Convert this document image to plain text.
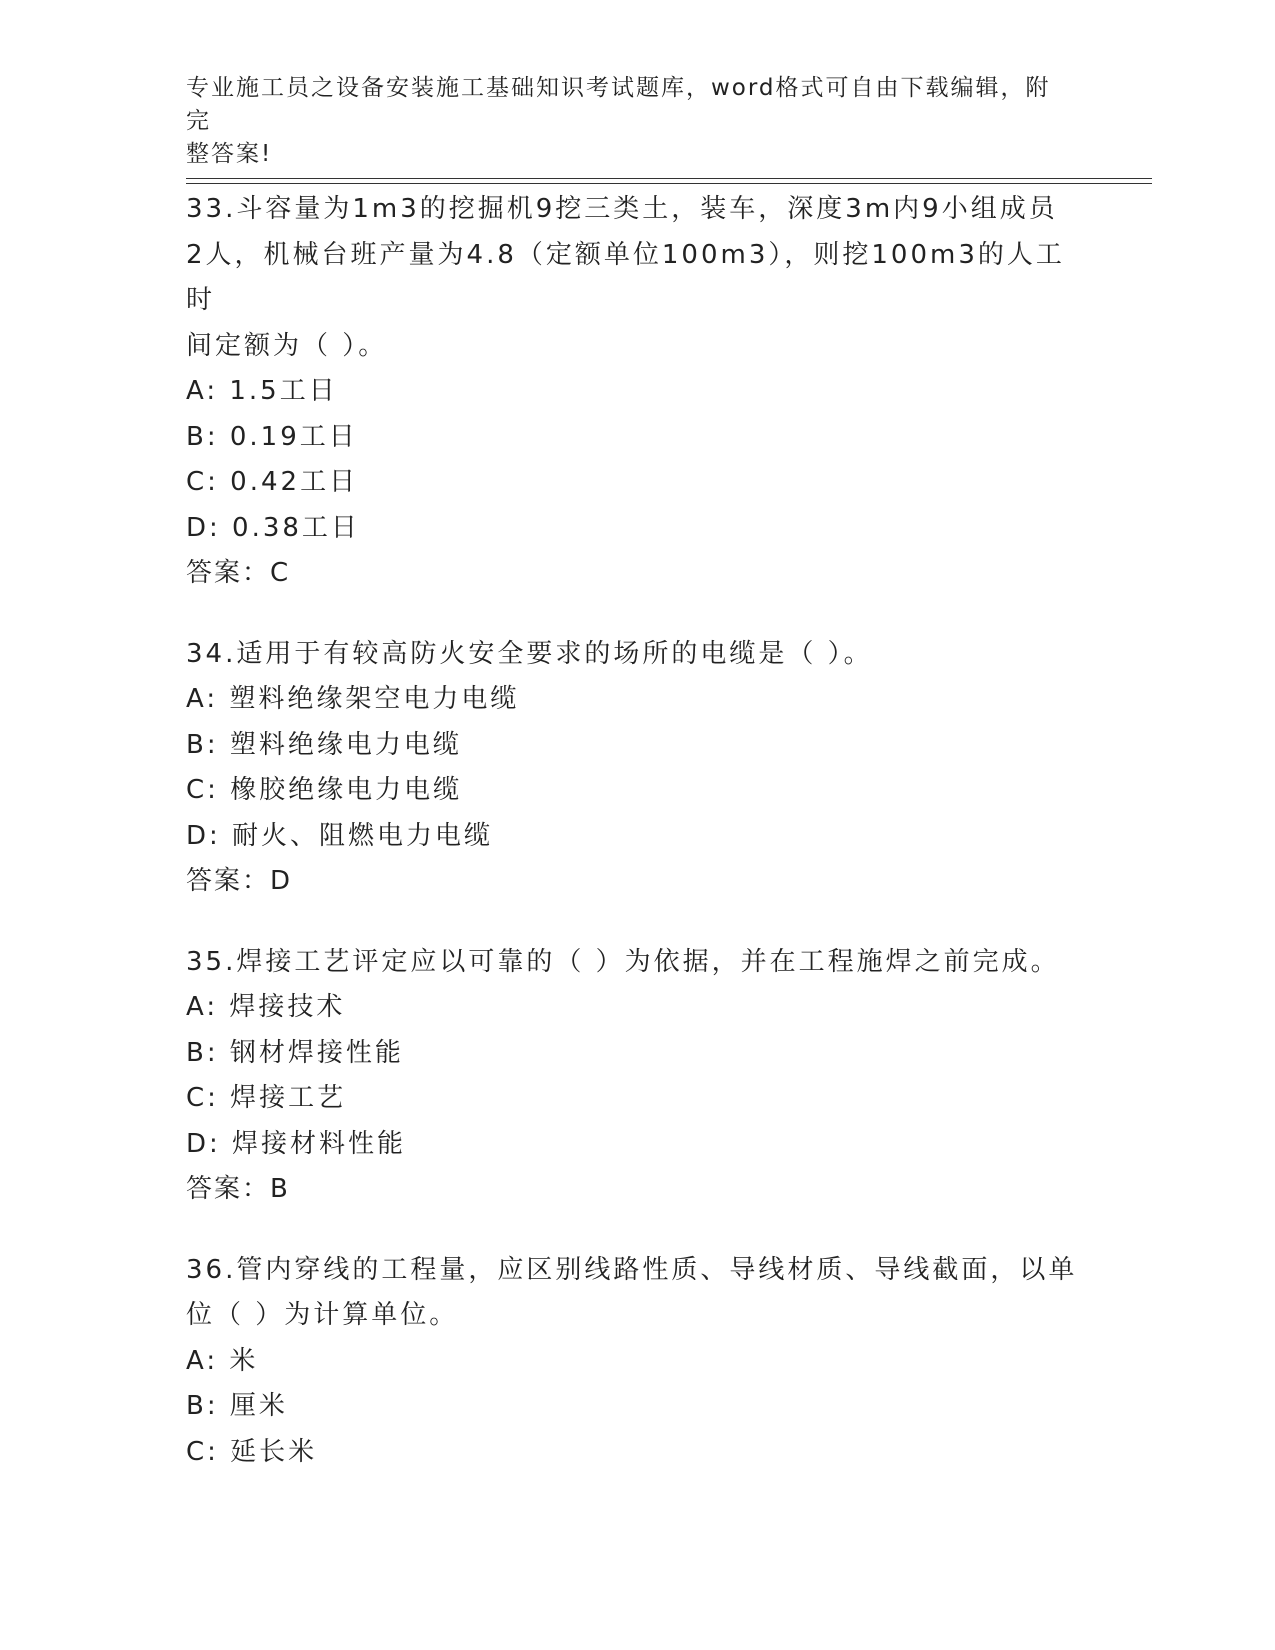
专业施工员之设备安装施工基础知识考试题库，word格式可自由下载编辑，附完
整答案!

33.斗容量为1m3的挖掘机9挖三类土，装车，深度3m内9小组成员

2人，机械台班产量为4.8（定额单位100m3），则挖100m3的人工时

间定额为（ ）。

A: 1.5工日

B: 0.19工日

C: 0.42工日

D: 0.38工日

答案：C

34.适用于有较高防火安全要求的场所的电缆是（ ）。

A: 塑料绝缘架空电力电缆

B: 塑料绝缘电力电缆

C: 橡胶绝缘电力电缆

D: 耐火、阻燃电力电缆

答案：D

35.焊接工艺评定应以可靠的（ ）为依据，并在工程施焊之前完成。

A: 焊接技术

B: 钢材焊接性能

C: 焊接工艺

D: 焊接材料性能

答案：B

36.管内穿线的工程量，应区别线路性质、导线材质、导线截面，以单

位（ ）为计算单位。

A: 米

B: 厘米

C: 延长米
